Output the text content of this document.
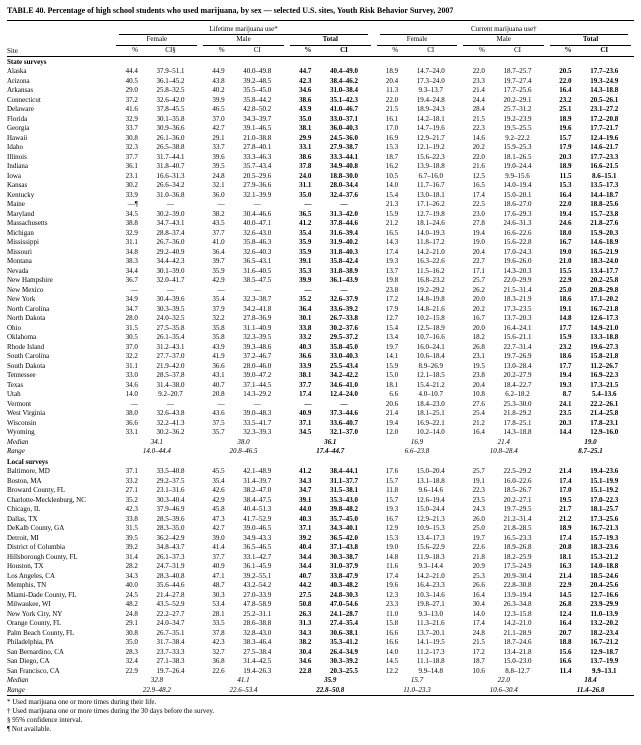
TABLE 40. Percentage of high school students who used marijuana, by sex — selected U.S. sites, Youth Risk Behavior Survey, 2007
Site	Lifetime marijuana use*						Current marijuana use†					

	Female		Male		Total		Female		Male		Total	

	%	CI§	%	CI	%	CI	%	CI	%	CI	%	CI
State surveys												
Alaska	44.4	37.9–51.1	44.9	40.0–49.8	44.7	40.4–49.0	18.9	14.7–24.0	22.0	18.7–25.7	20.5	17.7–23.6
Arizona	40.5	36.1–45.2	43.8	39.2–48.5	42.3	38.4–46.2	20.4	17.3–24.0	23.3	19.7–27.4	22.0	19.3–24.9
Arkansas	29.0	25.8–32.5	40.2	35.5–45.0	34.6	31.0–38.4	11.3	9.3–13.7	21.4	17.7–25.6	16.4	14.3–18.8
Connecticut	37.2	32.6–42.0	39.9	35.8–44.2	38.6	35.1–42.3	22.0	19.4–24.8	24.4	20.2–29.1	23.2	20.5–26.1
Delaware	41.6	37.8–45.5	46.5	42.8–50.2	43.9	41.0–46.7	21.5	18.9–24.3	28.4	25.7–31.2	25.1	23.1–27.2
Florida	32.9	30.1–35.8	37.0	34.3–39.7	35.0	33.0–37.1	16.1	14.2–18.1	21.5	19.2–23.9	18.9	17.2–20.8
Georgia	33.7	30.9–36.6	42.7	39.1–46.5	38.1	36.0–40.3	17.0	14.7–19.6	22.3	19.5–25.5	19.6	17.7–21.7
Hawaii	30.8	26.1–36.0	29.1	21.0–38.8	29.9	24.5–36.0	16.9	12.9–21.7	14.6	9.2–22.2	15.7	12.4–19.6
Idaho	32.3	26.5–38.8	33.7	27.8–40.1	33.1	27.9–38.7	15.3	12.1–19.2	20.2	15.9–25.3	17.9	14.6–21.7
Illinois	37.7	31.7–44.1	39.6	33.3–46.3	38.6	33.3–44.1	18.7	15.6–22.3	22.0	18.1–26.5	20.3	17.7–23.3
Indiana	36.1	31.8–40.7	39.5	35.7–43.4	37.8	34.9–40.8	16.2	13.9–18.8	21.6	19.0–24.4	18.9	16.6–21.5
Iowa	23.1	16.6–31.3	24.8	20.5–29.6	24.0	18.8–30.0	10.5	6.7–16.0	12.5	9.9–15.6	11.5	8.6–15.1
Kansas	30.2	26.6–34.2	32.1	27.9–36.6	31.1	28.0–34.4	14.0	11.7–16.7	16.5	14.0–19.4	15.3	13.5–17.3
Kentucky	33.9	31.0–36.8	36.0	32.1–39.9	35.0	32.4–37.6	15.4	13.0–18.1	17.4	15.0–20.1	16.4	14.4–18.7
Maine	—¶	—	—	—	—	—	21.3	17.1–26.2	22.5	18.6–27.0	22.0	18.8–25.6
Maryland	34.5	30.2–39.0	38.2	30.4–46.6	36.5	31.3–42.0	15.9	12.7–19.8	23.0	17.6–29.3	19.4	15.7–23.8
Massachusetts	38.8	34.7–43.1	43.5	40.0–47.1	41.2	37.8–44.6	21.2	18.1–24.6	27.8	24.6–31.3	24.6	21.8–27.6
Michigan	32.9	28.8–37.4	37.7	32.6–43.0	35.4	31.6–39.4	16.5	14.0–19.3	19.4	16.6–22.6	18.0	15.9–20.3
Mississippi	31.1	26.7–36.0	41.0	35.8–46.3	35.9	31.9–40.2	14.3	11.8–17.2	19.0	15.6–22.8	16.7	14.6–18.9
Missouri	34.8	29.2–40.9	36.4	32.6–40.3	35.9	31.8–40.3	17.4	14.2–21.0	20.4	17.0–24.3	19.0	16.5–21.9
Montana	38.3	34.4–42.3	39.7	36.5–43.1	39.1	35.8–42.4	19.3	16.3–22.6	22.7	19.6–26.0	21.0	18.3–24.0
Nevada	34.4	30.1–39.0	35.9	31.6–40.5	35.3	31.8–38.9	13.7	11.5–16.2	17.1	14.3–20.3	15.5	13.4–17.7
New Hampshire	36.7	32.0–41.7	42.9	38.5–47.5	39.9	36.1–43.9	19.8	16.8–23.2	25.7	22.0–29.9	22.9	20.2–25.8
New Mexico	—	—	—	—	—	—	23.8	19.2–29.2	26.2	21.5–31.4	25.0	20.8–29.8
New York	34.9	30.4–39.6	35.4	32.3–38.7	35.2	32.6–37.9	17.2	14.8–19.8	20.0	18.3–21.9	18.6	17.1–20.2
North Carolina	34.7	30.3–39.5	37.9	34.2–41.8	36.4	33.6–39.2	17.9	14.8–21.6	20.2	17.3–23.5	19.1	16.7–21.8
North Dakota	28.0	24.0–32.5	32.2	27.8–36.9	30.1	26.7–33.8	12.7	10.2–15.8	16.7	13.7–20.3	14.8	12.6–17.3
Ohio	31.5	27.5–35.8	35.8	31.1–40.9	33.8	30.2–37.6	15.4	12.5–18.9	20.0	16.4–24.1	17.7	14.9–21.0
Oklahoma	30.5	26.1–35.4	35.8	32.3–39.5	33.2	29.5–37.2	13.4	10.7–16.6	18.2	15.6–21.1	15.9	13.3–18.8
Rhode Island	37.0	31.2–43.1	43.9	39.3–48.6	40.3	35.8–45.0	19.7	16.0–24.1	26.8	22.7–31.4	23.2	19.6–27.3
South Carolina	32.2	27.7–37.0	41.9	37.2–46.7	36.6	33.0–40.3	14.1	10.6–18.4	23.1	19.7–26.9	18.6	15.8–21.8
South Dakota	31.1	21.9–42.0	36.6	28.0–46.0	33.9	25.5–43.4	15.9	8.9–26.9	19.5	13.0–28.4	17.7	11.2–26.7
Tennessee	33.0	28.5–37.8	43.1	39.0–47.2	38.1	34.2–42.2	15.0	12.1–18.5	23.8	20.2–27.9	19.4	16.9–22.3
Texas	34.6	31.4–38.0	40.7	37.1–44.5	37.7	34.6–41.0	18.1	15.4–21.2	20.4	18.4–22.7	19.3	17.3–21.5
Utah	14.0	9.2–20.7	20.8	14.3–29.2	17.4	12.4–24.0	6.6	4.0–10.7	10.8	6.2–18.2	8.7	5.4–13.6
Vermont	—	—	—	—	—	—	20.6	18.4–23.0	27.6	25.3–30.0	24.1	22.2–26.1
West Virginia	38.0	32.6–43.8	43.6	39.0–48.3	40.9	37.3–44.6	21.4	18.1–25.1	25.4	21.8–29.2	23.5	21.4–25.8
Wisconsin	36.6	32.2–41.3	37.5	33.5–41.7	37.1	33.6–40.7	19.4	16.9–22.1	21.2	17.8–25.1	20.3	17.8–23.1
Wyoming	33.1	30.2–36.2	35.7	32.3–39.3	34.5	32.1–37.0	12.0	10.2–14.0	16.4	14.3–18.8	14.4	12.9–16.0
Median	34.1		38.0		36.1		16.9		21.4		19.0	
Range	14.0–44.4		20.8–46.5		17.4–44.7		6.6–23.8		10.8–28.4		8.7–25.1	
Local surveys												
Baltimore, MD	37.1	33.5–40.8	45.5	42.1–48.9	41.2	38.4–44.1	17.6	15.0–20.4	25.7	22.5–29.2	21.4	19.4–23.6
Boston, MA	33.2	29.2–37.5	35.4	31.4–39.7	34.3	31.1–37.7	15.7	13.1–18.8	19.1	16.0–22.6	17.4	15.1–19.9
Broward County, FL	27.1	23.1–31.6	42.6	38.2–47.0	34.7	31.5–38.1	11.8	9.6–14.6	22.3	18.5–26.7	17.0	15.1–19.2
Charlotte-Mecklenburg, NC	35.2	30.3–40.4	42.9	38.4–47.5	39.1	35.3–43.0	15.7	12.6–19.4	23.5	20.2–27.1	19.5	17.0–22.3
Chicago, IL	42.3	37.9–46.9	45.8	40.4–51.3	44.0	39.8–48.2	19.3	15.0–24.4	24.3	19.7–29.5	21.7	18.1–25.7
Dallas, TX	33.8	28.5–39.6	47.3	41.7–52.9	40.3	35.7–45.0	16.7	12.9–21.3	26.0	21.2–31.4	21.2	17.3–25.6
DeKalb County, GA	31.5	28.3–35.0	42.7	39.0–46.5	37.1	34.3–40.1	12.9	10.9–15.3	25.0	21.8–28.5	18.9	16.7–21.3
Detroit, MI	39.5	36.2–42.9	39.0	34.9–43.3	39.2	36.5–42.0	15.3	13.4–17.3	19.7	16.5–23.3	17.4	15.7–19.3
District of Columbia	39.2	34.8–43.7	41.4	36.5–46.5	40.4	37.1–43.8	19.0	15.6–22.9	22.6	18.9–26.8	20.8	18.3–23.6
Hillsborough County, FL	31.4	26.1–37.3	37.7	33.1–42.7	34.4	30.3–38.7	14.8	11.9–18.3	21.8	18.2–25.9	18.1	15.3–21.2
Houston, TX	28.2	24.7–31.9	40.9	36.1–45.9	34.4	31.0–37.9	11.6	9.3–14.4	20.9	17.5–24.9	16.3	14.0–18.8
Los Angeles, CA	34.3	28.3–40.8	47.1	39.2–55.1	40.7	33.8–47.9	17.4	14.2–21.0	25.3	20.9–30.4	21.4	18.5–24.6
Memphis, TN	40.0	35.6–44.6	48.7	43.2–54.2	44.2	40.3–48.2	19.6	16.4–23.3	26.6	22.8–30.8	22.9	20.4–25.6
Miami-Dade County, FL	24.5	21.4–27.8	30.3	27.0–33.9	27.5	24.8–30.3	12.3	10.3–14.6	16.4	13.9–19.4	14.5	12.7–16.6
Milwaukee, WI	48.2	43.5–52.9	53.4	47.8–58.9	50.8	47.0–54.6	23.3	19.8–27.1	30.4	26.3–34.8	26.8	23.9–29.9
New York City, NY	24.8	22.2–27.7	28.1	25.2–31.1	26.3	24.1–28.7	11.0	9.3–13.0	14.0	12.3–15.8	12.4	11.0–13.9
Orange County, FL	29.1	24.0–34.7	33.5	28.6–38.8	31.3	27.4–35.4	15.8	11.3–21.6	17.4	14.2–21.0	16.4	13.2–20.2
Palm Beach County, FL	30.8	26.7–35.1	37.8	32.8–43.0	34.3	30.6–38.1	16.6	13.7–20.1	24.8	21.1–28.9	20.7	18.2–23.4
Philadelphia, PA	35.0	31.7–38.4	42.3	38.3–46.4	38.2	35.3–41.2	16.6	14.1–19.5	21.5	18.7–24.6	18.8	16.7–21.2
San Bernardino, CA	28.3	23.7–33.3	32.7	27.5–38.4	30.4	26.4–34.9	14.0	11.2–17.3	17.2	13.4–21.8	15.6	12.9–18.7
San Diego, CA	32.4	27.1–38.3	36.8	31.4–42.5	34.6	30.3–39.2	14.5	11.1–18.8	18.7	15.0–23.0	16.6	13.7–19.9
San Francisco, CA	22.9	19.7–26.4	22.6	19.4–26.3	22.8	20.3–25.5	12.2	9.9–14.8	10.6	8.8–12.7	11.4	9.9–13.1
Median	32.8		41.1		35.9		15.7		22.0		18.4	
Range	22.9–48.2		22.6–53.4		22.8–50.8		11.0–23.3		10.6–30.4		11.4–26.8	
* Used marijuana one or more times during their life.
† Used marijuana one or more times during the 30 days before the survey.
§ 95% confidence interval.
¶ Not available.
